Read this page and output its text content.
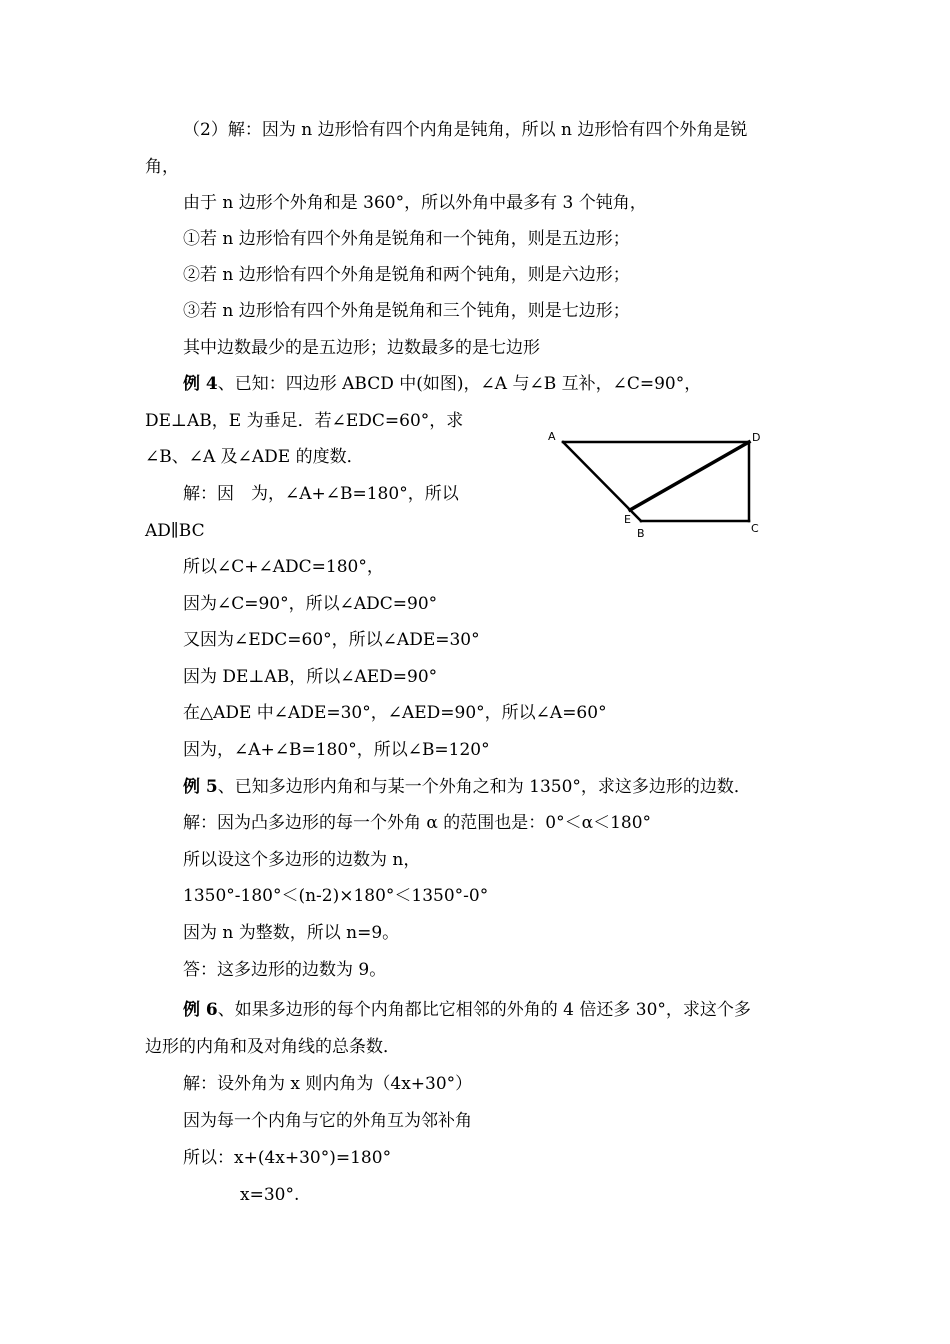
（2）解：因为 n 边形恰有四个内角是钝角，所以 n 边形恰有四个外角是锐
角，
由于 n 边形个外角和是 360°，所以外角中最多有 3 个钝角，
①若 n 边形恰有四个外角是锐角和一个钝角，则是五边形；
②若 n 边形恰有四个外角是锐角和两个钝角，则是六边形；
③若 n 边形恰有四个外角是锐角和三个钝角，则是七边形；
其中边数最少的是五边形；边数最多的是七边形
例 4、已知：四边形 ABCD 中(如图)，∠A 与∠B 互补，∠C=90°，
DE⊥AB，E 为垂足．若∠EDC=60°，求
∠B、∠A 及∠ADE 的度数．
解：因　为，∠A+∠B=180°，所以
AD∥BC
所以∠C+∠ADC=180°，
因为∠C=90°，所以∠ADC=90°
又因为∠EDC=60°，所以∠ADE=30°
因为 DE⊥AB，所以∠AED=90°
在△ADE 中∠ADE=30°，∠AED=90°，所以∠A=60°
因为，∠A+∠B=180°，所以∠B=120°
A	D
E
B	C
例 5、已知多边形内角和与某一个外角之和为 1350°，求这多边形的边数．
解：因为凸多边形的每一个外角 α 的范围也是：0°＜α＜180°
所以设这个多边形的边数为 n，
1350°-180°＜(n-2)×180°＜1350°-0°
因为 n 为整数，所以 n=9。
答：这多边形的边数为 9。
例 6、如果多边形的每个内角都比它相邻的外角的 4 倍还多 30°，求这个多
边形的内角和及对角线的总条数．
解：设外角为 x 则内角为（4x+30°）
因为每一个内角与它的外角互为邻补角
所以：x+(4x+30°)=180°
x=30°.
